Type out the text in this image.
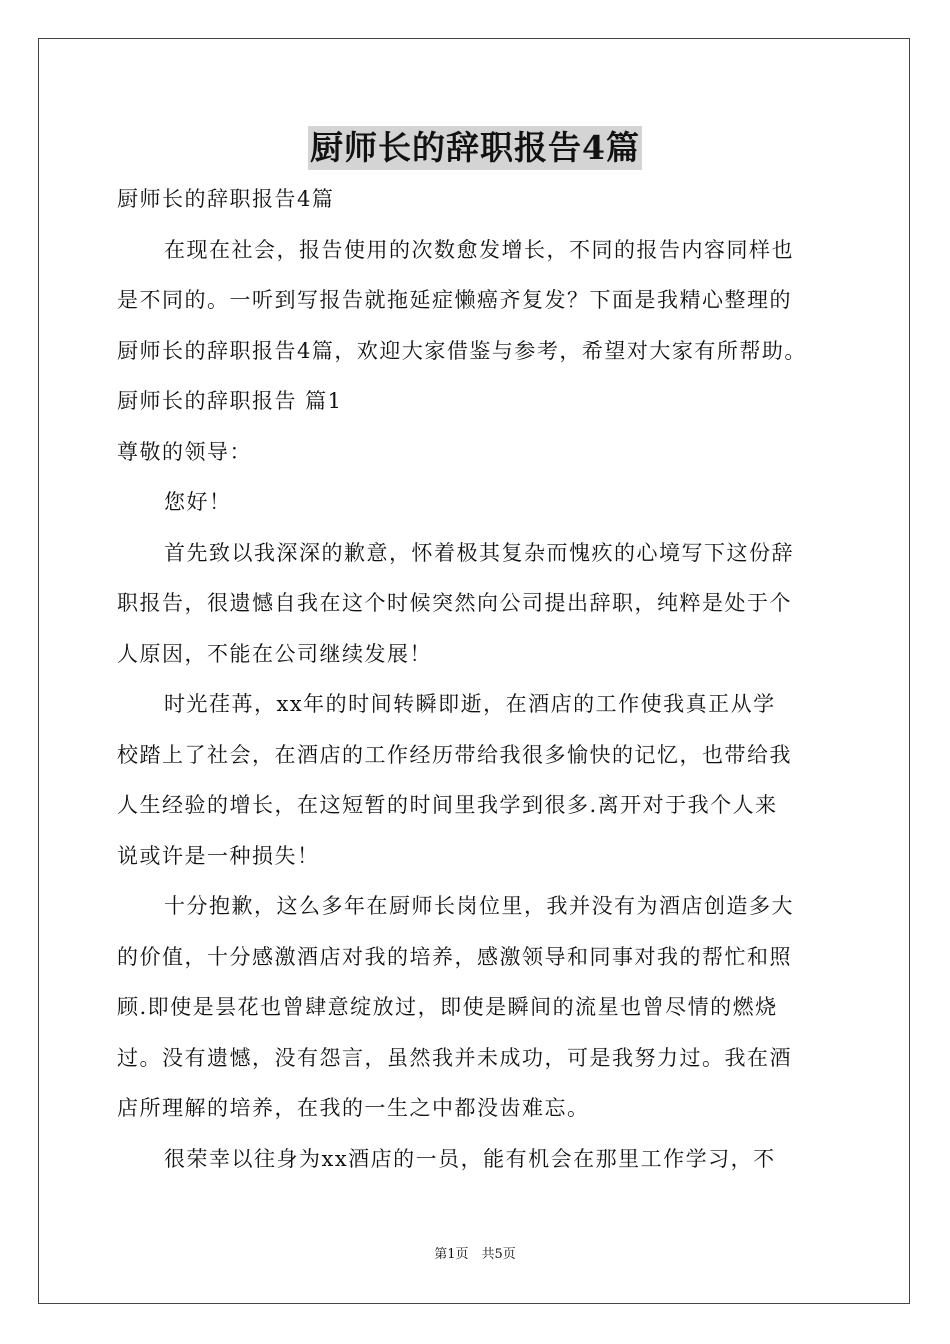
厨师长的辞职报告4篇
厨师长的辞职报告4篇
在现在社会，报告使用的次数愈发增长，不同的报告内容同样也
是不同的。一听到写报告就拖延症懒癌齐复发？下面是我精心整理的
厨师长的辞职报告4篇，欢迎大家借鉴与参考，希望对大家有所帮助。
厨师长的辞职报告 篇1
尊敬的领导：
您好！
首先致以我深深的歉意，怀着极其复杂而愧疚的心境写下这份辞
职报告，很遗憾自我在这个时候突然向公司提出辞职，纯粹是处于个
人原因，不能在公司继续发展！
时光荏苒，xx年的时间转瞬即逝，在酒店的工作使我真正从学
校踏上了社会，在酒店的工作经历带给我很多愉快的记忆，也带给我
人生经验的增长，在这短暂的时间里我学到很多.离开对于我个人来
说或许是一种损失！
十分抱歉，这么多年在厨师长岗位里，我并没有为酒店创造多大
的价值，十分感激酒店对我的培养，感激领导和同事对我的帮忙和照
顾.即使是昙花也曾肆意绽放过，即使是瞬间的流星也曾尽情的燃烧
过。没有遗憾，没有怨言，虽然我并未成功，可是我努力过。我在酒
店所理解的培养，在我的一生之中都没齿难忘。
很荣幸以往身为xx酒店的一员，能有机会在那里工作学习，不
第1页　共5页
